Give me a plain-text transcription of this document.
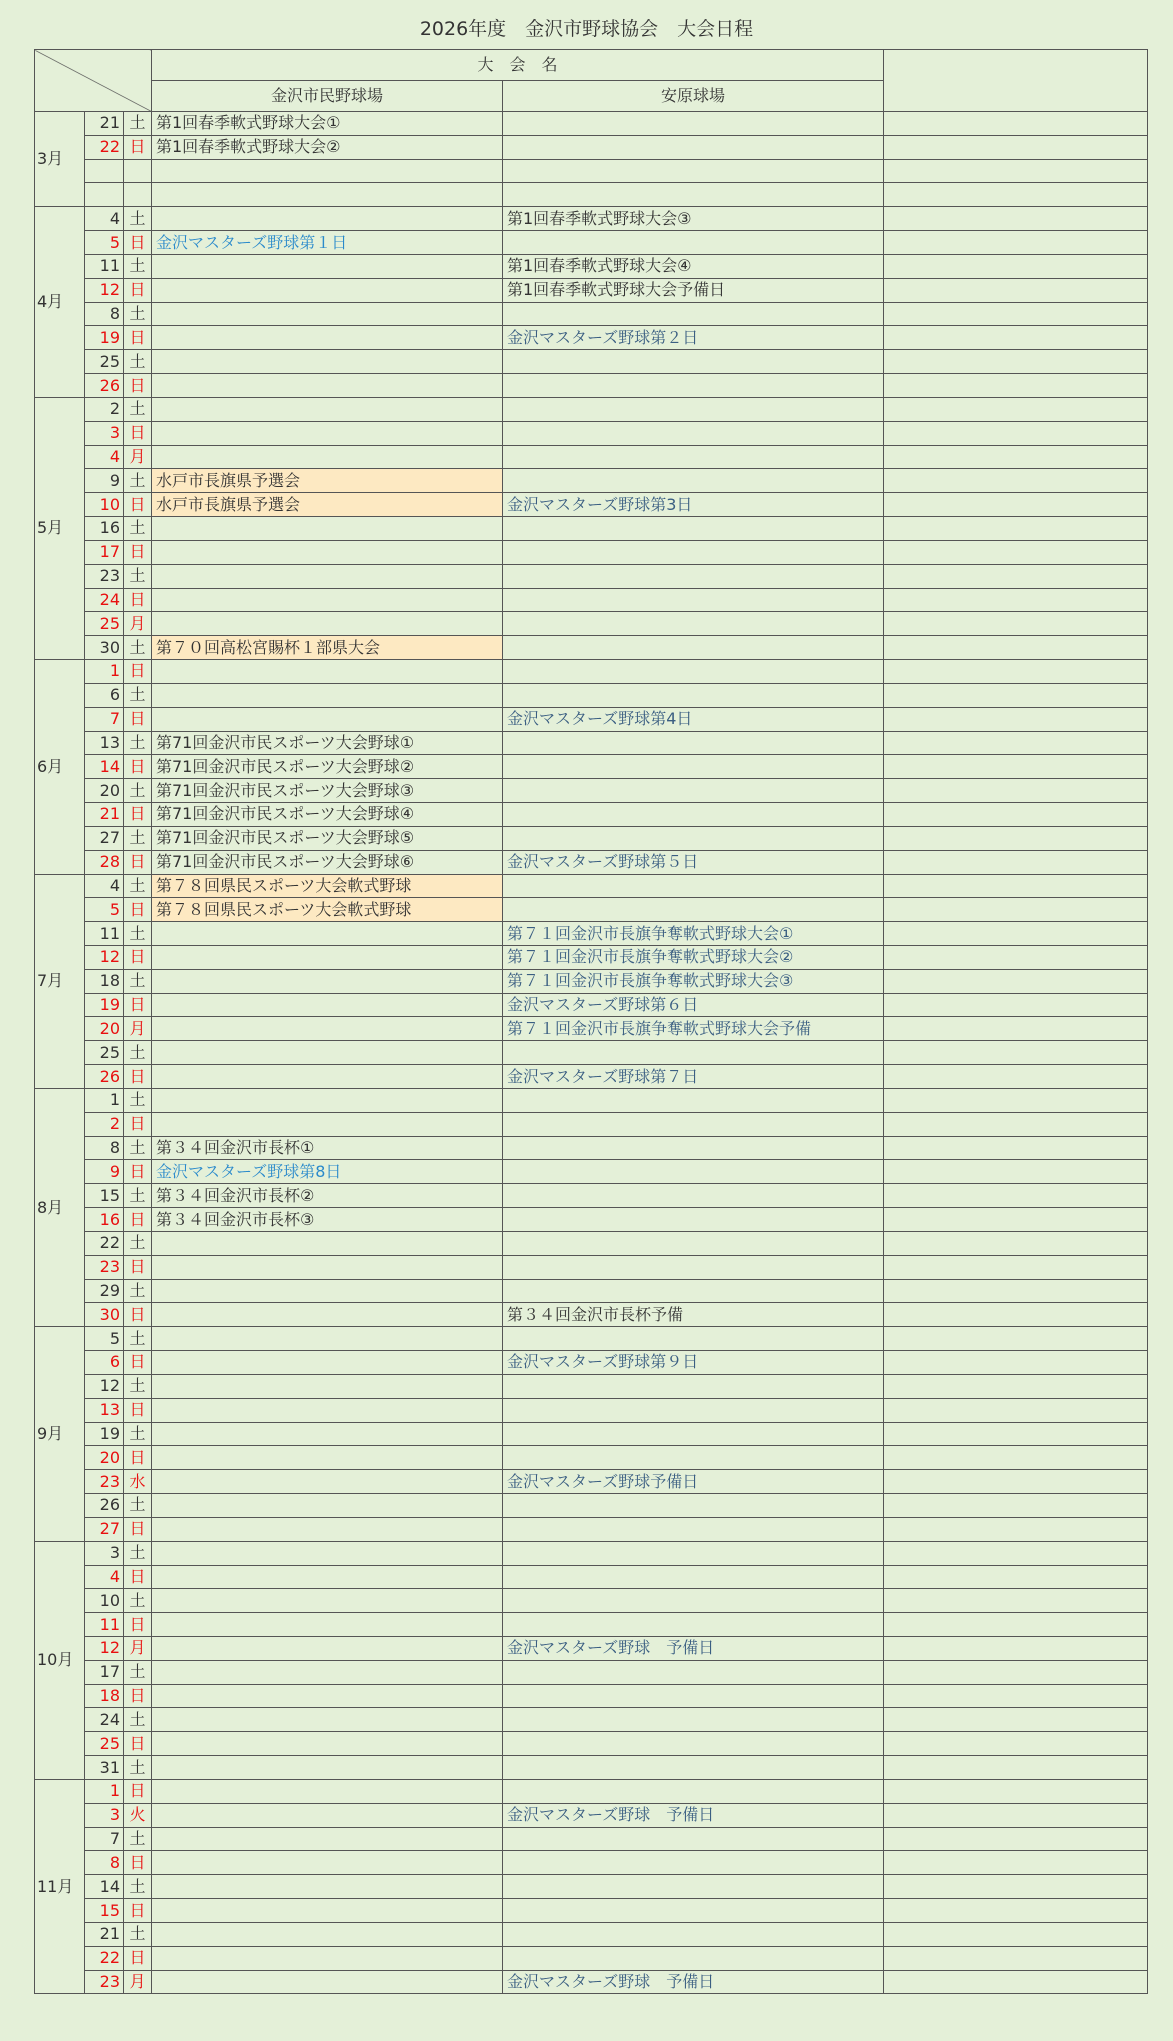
2026年度　金沢市野球協会　大会日程
			大　会　名		
			金沢市民野球場	安原球場	
3月	21	土	第1回春季軟式野球大会①		
	22	日	第1回春季軟式野球大会②		

4月	4	土		第1回春季軟式野球大会③	
	5	日	金沢マスターズ野球第１日		
	11	土		第1回春季軟式野球大会④	
	12	日		第1回春季軟式野球大会予備日	
	8	土			
	19	日		金沢マスターズ野球第２日	
	25	土			
	26	日			
5月	2	土			
	3	日			
	4	月			
	9	土	水戸市長旗県予選会		
	10	日	水戸市長旗県予選会	金沢マスターズ野球第3日	
	16	土			
	17	日			
	23	土			
	24	日			
	25	月			
	30	土	第７０回高松宮賜杯１部県大会		
6月	1	日			
	6	土			
	7	日		金沢マスターズ野球第4日	
	13	土	第71回金沢市民スポーツ大会野球①		
	14	日	第71回金沢市民スポーツ大会野球②		
	20	土	第71回金沢市民スポーツ大会野球③		
	21	日	第71回金沢市民スポーツ大会野球④		
	27	土	第71回金沢市民スポーツ大会野球⑤		
	28	日	第71回金沢市民スポーツ大会野球⑥	金沢マスターズ野球第５日	
7月	4	土	第７８回県民スポーツ大会軟式野球		
	5	日	第７８回県民スポーツ大会軟式野球		
	11	土		第７１回金沢市長旗争奪軟式野球大会①	
	12	日		第７１回金沢市長旗争奪軟式野球大会②	
	18	土		第７１回金沢市長旗争奪軟式野球大会③	
	19	日		金沢マスターズ野球第６日	
	20	月		第７１回金沢市長旗争奪軟式野球大会予備	
	25	土			
	26	日		金沢マスターズ野球第７日	
8月	1	土			
	2	日			
	8	土	第３４回金沢市長杯①		
	9	日	金沢マスターズ野球第8日		
	15	土	第３４回金沢市長杯②		
	16	日	第３４回金沢市長杯③		
	22	土			
	23	日			
	29	土			
	30	日		第３４回金沢市長杯予備	
9月	5	土			
	6	日		金沢マスターズ野球第９日	
	12	土			
	13	日			
	19	土			
	20	日			
	23	水		金沢マスターズ野球予備日	
	26	土			
	27	日			
10月	3	土			
	4	日			
	10	土			
	11	日			
	12	月		金沢マスターズ野球　予備日	
	17	土			
	18	日			
	24	土			
	25	日			
	31	土			
11月	1	日			
	3	火		金沢マスターズ野球　予備日	
	7	土			
	8	日			
	14	土			
	15	日			
	21	土			
	22	日			
	23	月		金沢マスターズ野球　予備日	
